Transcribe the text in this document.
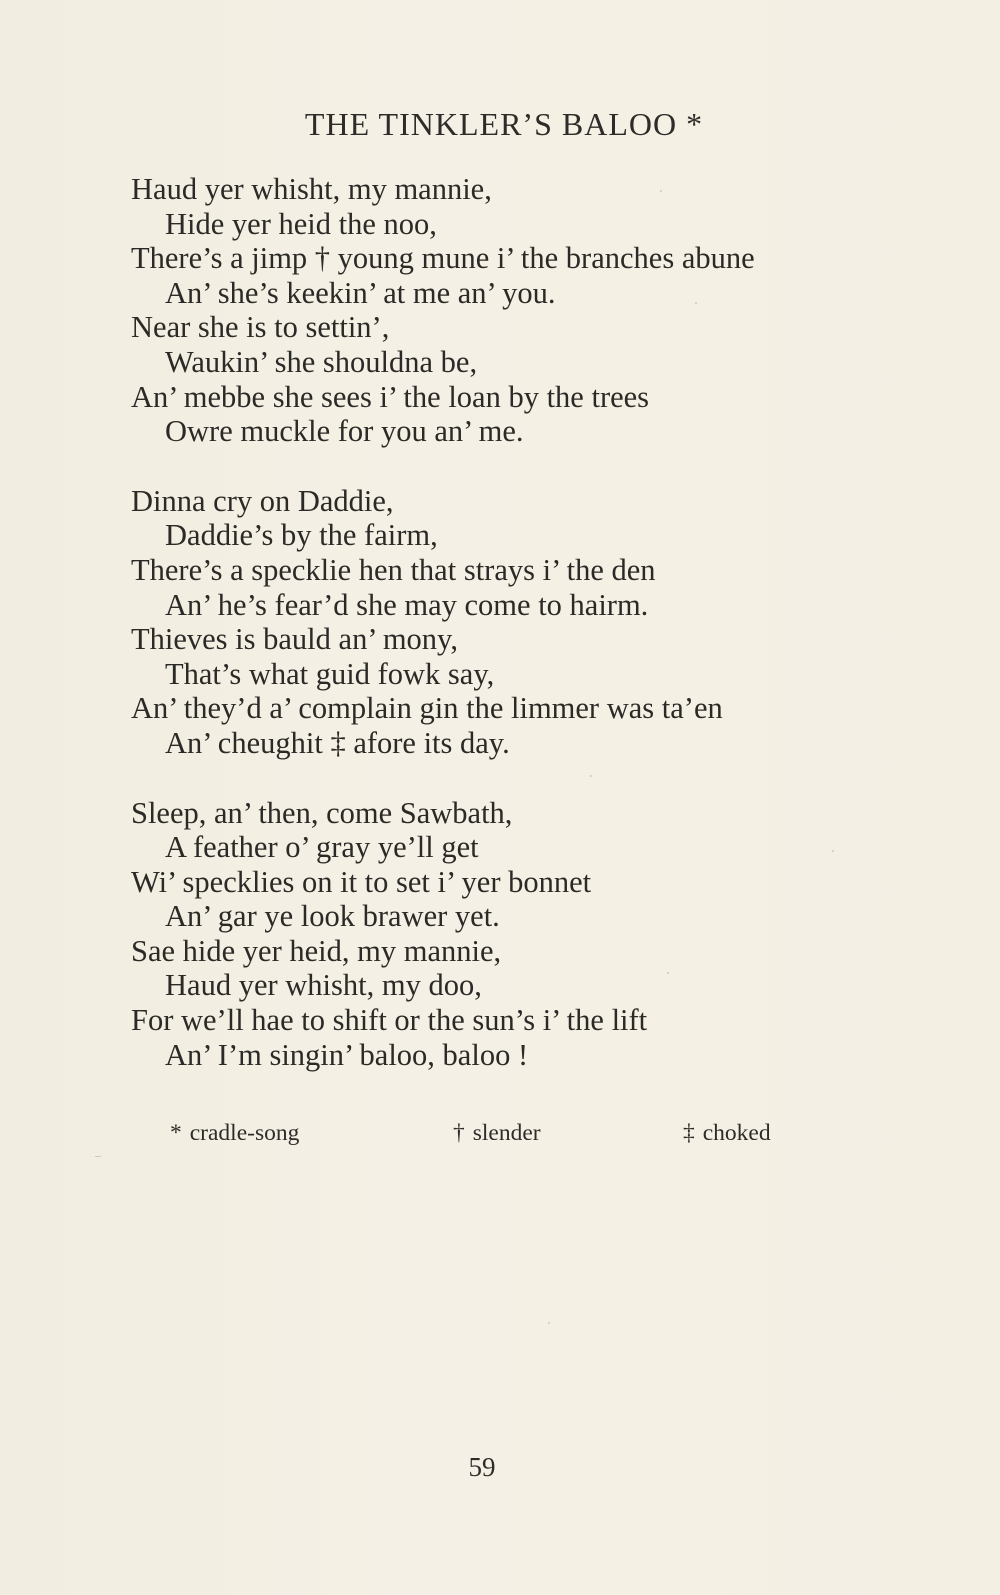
THE TINKLER’S BALOO *
Haud yer whisht, my mannie,
Hide yer heid the noo,
There’s a jimp † young mune i’ the branches abune
An’ she’s keekin’ at me an’ you.
Near she is to settin’,
Waukin’ she shouldna be,
An’ mebbe she sees i’ the loan by the trees
Owre muckle for you an’ me.
Dinna cry on Daddie,
Daddie’s by the fairm,
There’s a specklie hen that strays i’ the den
An’ he’s fear’d she may come to hairm.
Thieves is bauld an’ mony,
That’s what guid fowk say,
An’ they’d a’ complain gin the limmer was ta’en
An’ cheughit ‡ afore its day.
Sleep, an’ then, come Sawbath,
A feather o’ gray ye’ll get
Wi’ specklies on it to set i’ yer bonnet
An’ gar ye look brawer yet.
Sae hide yer heid, my mannie,
Haud yer whisht, my doo,
For we’ll hae to shift or the sun’s i’ the lift
An’ I’m singin’ baloo, baloo !
* cradle-song	† slender	‡ choked
59
